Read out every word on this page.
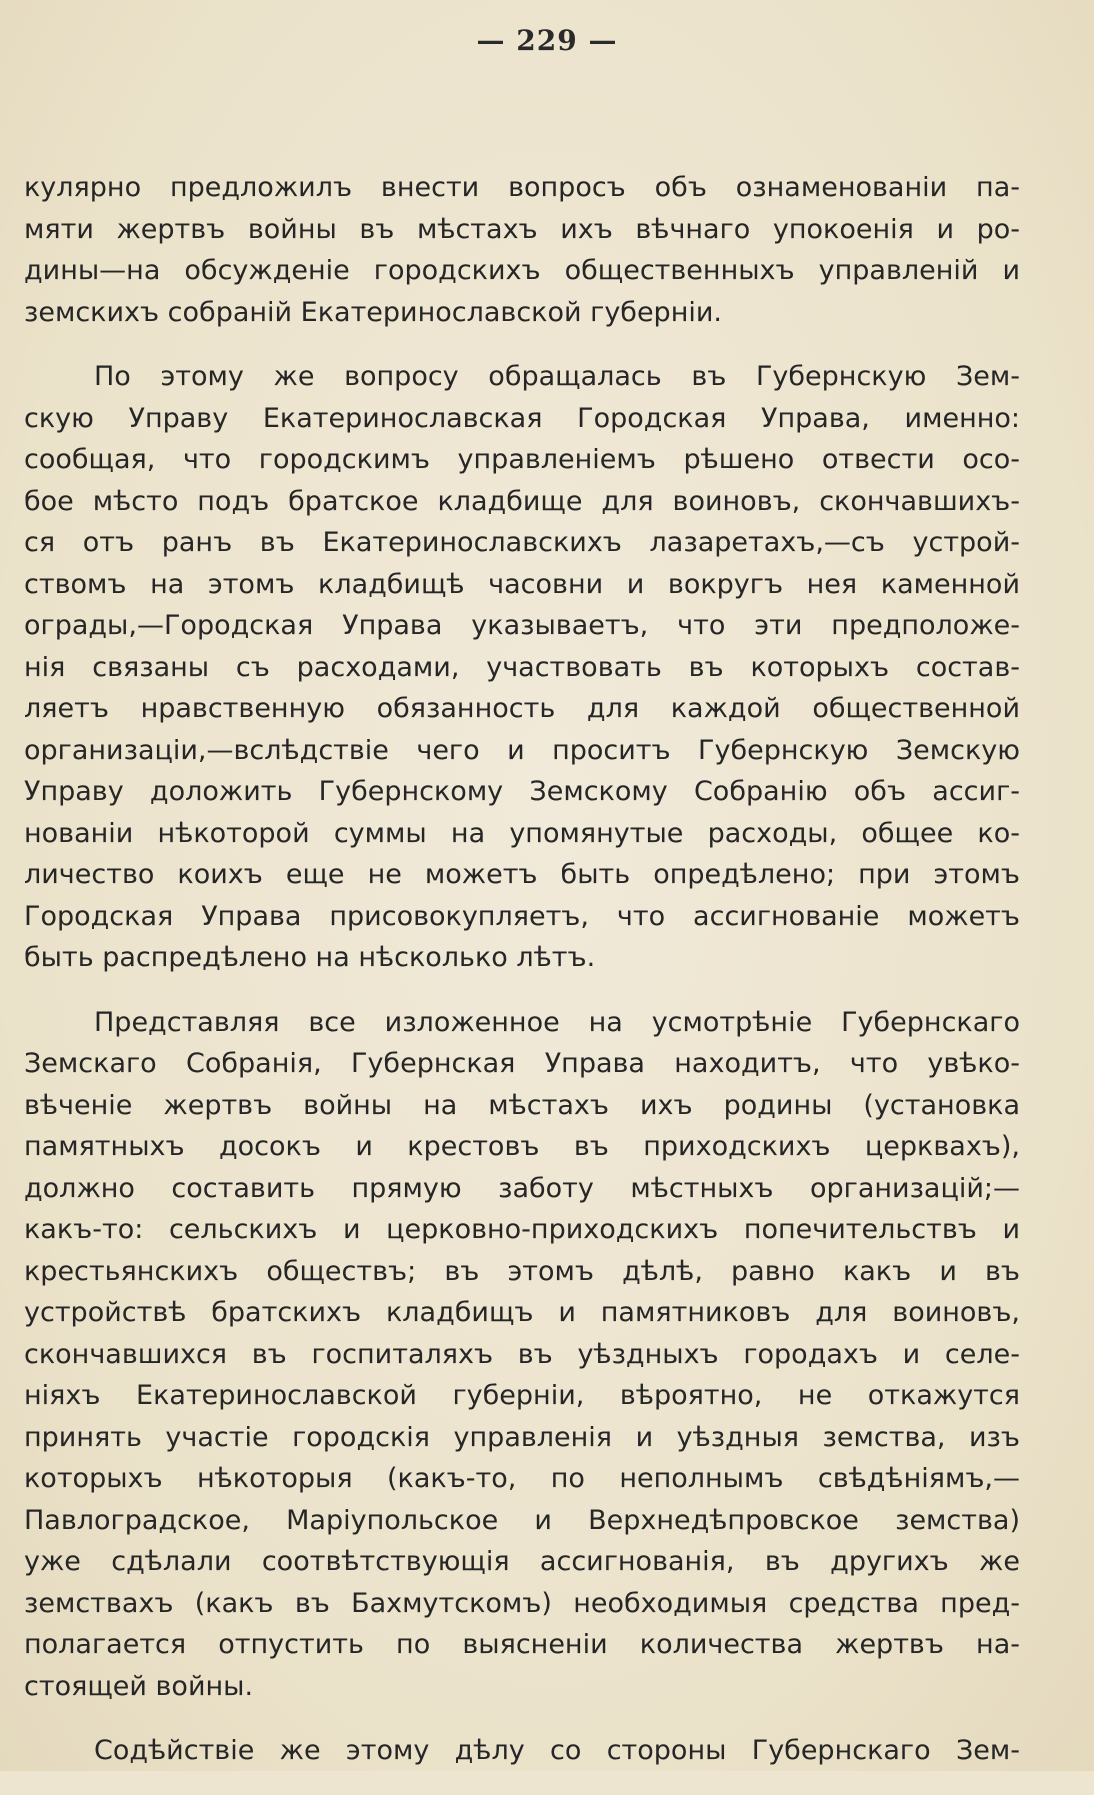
— 229 —
кулярно предложилъ внести вопросъ объ ознаменованіи па-
мяти жертвъ войны въ мѣстахъ ихъ вѣчнаго упокоенія и ро-
дины—на обсужденіе городскихъ общественныхъ управленій и
земскихъ собраній Екатеринославской губерніи.
По этому же вопросу обращалась въ Губернскую Зем-
скую Управу Екатеринославская Городская Управа, именно:
сообщая, что городскимъ управленіемъ рѣшено отвести осо-
бое мѣсто подъ братское кладбище для воиновъ, скончавшихъ-
ся отъ ранъ въ Екатеринославскихъ лазаретахъ,—съ устрой-
ствомъ на этомъ кладбищѣ часовни и вокругъ нея каменной
ограды,—Городская Управа указываетъ, что эти предположе-
нія связаны съ расходами, участвовать въ которыхъ состав-
ляетъ нравственную обязанность для каждой общественной
организаціи,—вслѣдствіе чего и проситъ Губернскую Земскую
Управу доложить Губернскому Земскому Собранію объ ассиг-
нованіи нѣкоторой суммы на упомянутые расходы, общее ко-
личество коихъ еще не можетъ быть опредѣлено; при этомъ
Городская Управа присовокупляетъ, что ассигнованіе можетъ
быть распредѣлено на нѣсколько лѣтъ.
Представляя все изложенное на усмотрѣніе Губернскаго
Земскаго Собранія, Губернская Управа находитъ, что увѣко-
вѣченіе жертвъ войны на мѣстахъ ихъ родины (установка
памятныхъ досокъ и крестовъ въ приходскихъ церквахъ),
должно составить прямую заботу мѣстныхъ организацій;—
какъ-то: сельскихъ и церковно-приходскихъ попечительствъ и
крестьянскихъ обществъ; въ этомъ дѣлѣ, равно какъ и въ
устройствѣ братскихъ кладбищъ и памятниковъ для воиновъ,
скончавшихся въ госпиталяхъ въ уѣздныхъ городахъ и селе-
ніяхъ Екатеринославской губерніи, вѣроятно, не откажутся
принять участіе городскія управленія и уѣздныя земства, изъ
которыхъ нѣкоторыя (какъ-то, по неполнымъ свѣдѣніямъ,—
Павлоградское, Маріупольское и Верхнедѣпровское земства)
уже сдѣлали соотвѣтствующія ассигнованія, въ другихъ же
земствахъ (какъ въ Бахмутскомъ) необходимыя средства пред-
полагается отпустить по выясненіи количества жертвъ на-
стоящей войны.
Содѣйствіе же этому дѣлу со стороны Губернскаго Зем-
